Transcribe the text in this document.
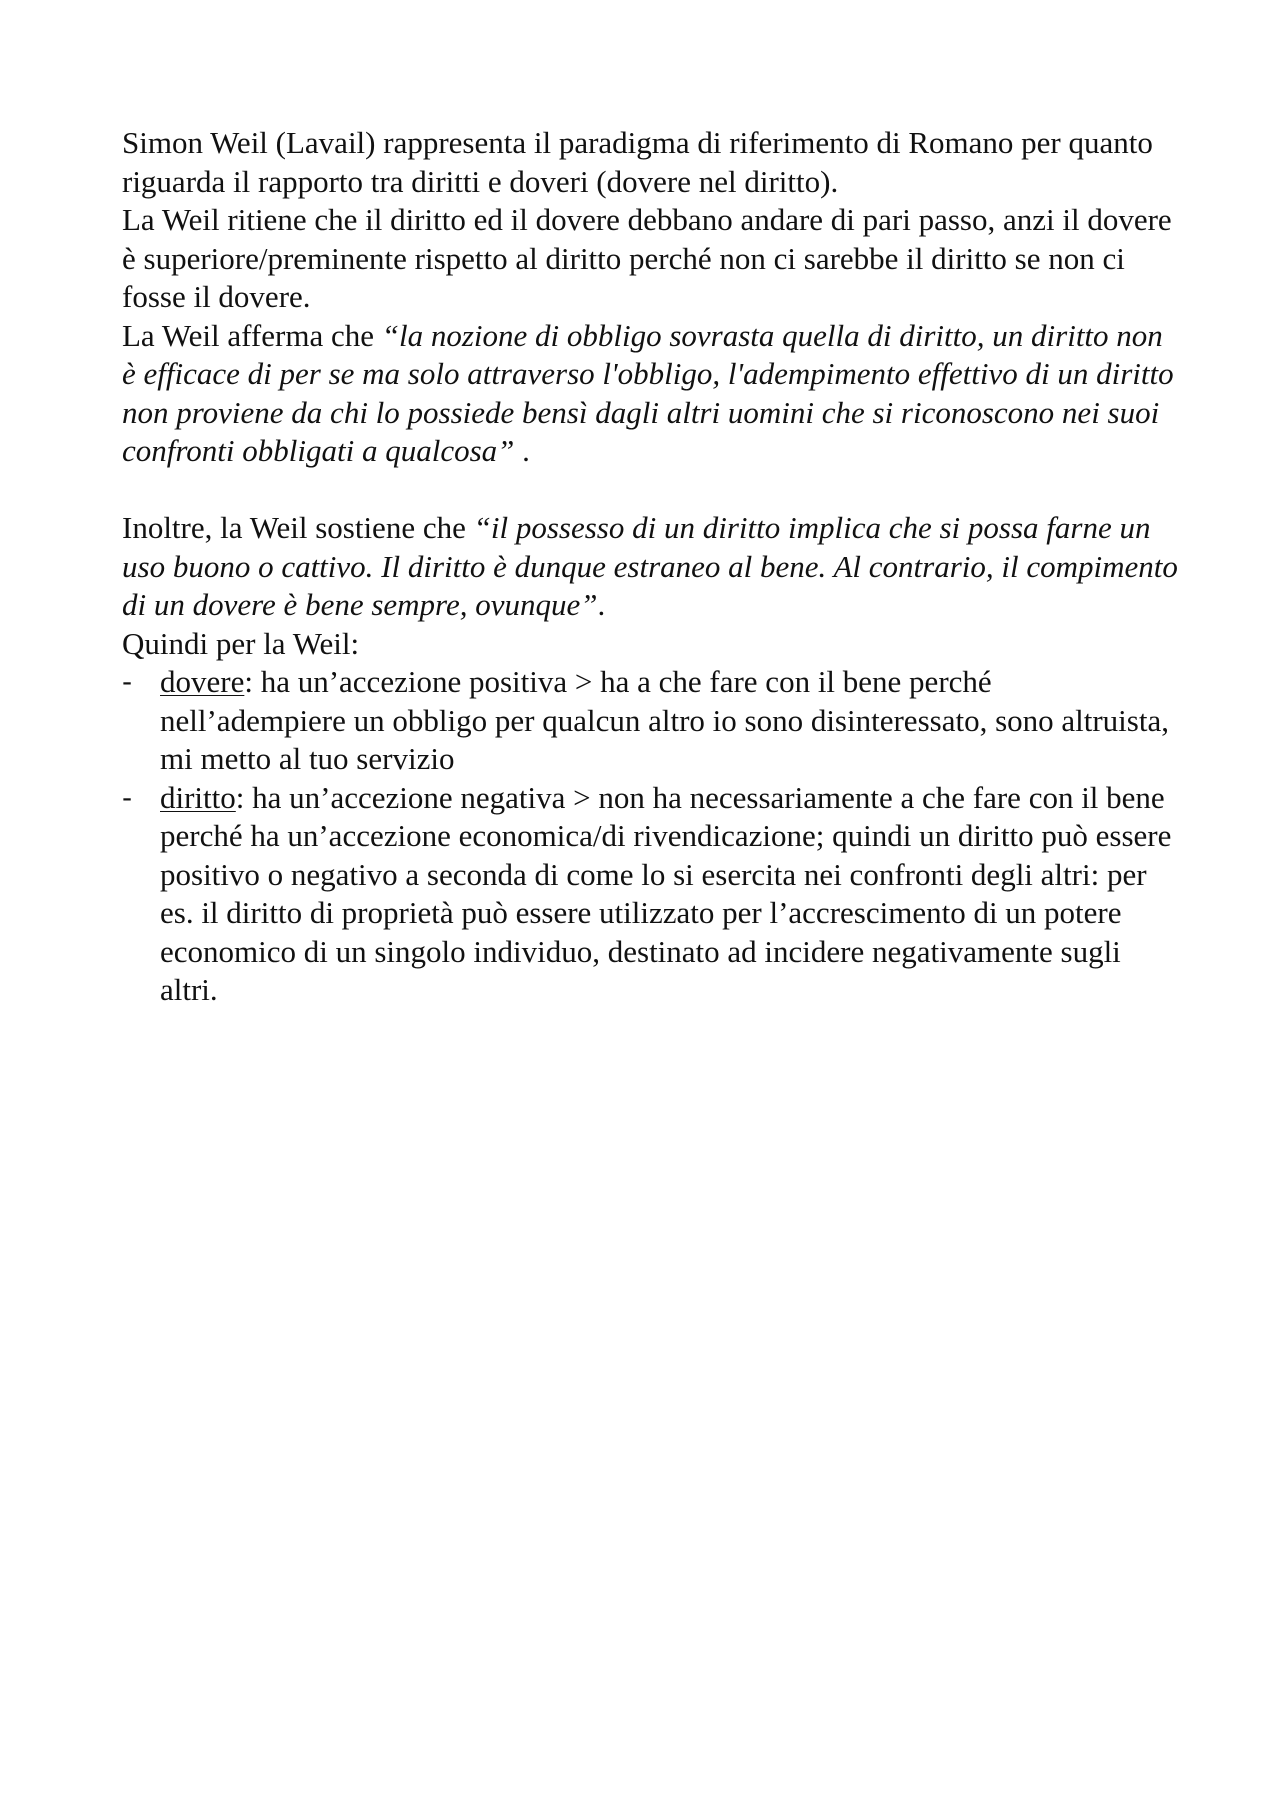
Simon Weil (Lavail) rappresenta il paradigma di riferimento di Romano per quanto riguarda il rapporto tra diritti e doveri (dovere nel diritto).

La Weil ritiene che il diritto ed il dovere debbano andare di pari passo, anzi il dovere è superiore/preminente rispetto al diritto perché non ci sarebbe il diritto se non ci fosse il dovere.

La Weil afferma che “la nozione di obbligo sovrasta quella di diritto, un diritto non è efficace di per se ma solo attraverso l'obbligo, l'adempimento effettivo di un diritto non proviene da chi lo possiede bensì dagli altri uomini che si riconoscono nei suoi confronti obbligati a qualcosa” .

Inoltre, la Weil sostiene che “il possesso di un diritto implica che si possa farne un uso buono o cattivo. Il diritto è dunque estraneo al bene. Al contrario, il compimento di un dovere è bene sempre, ovunque”.

Quindi per la Weil:

- dovere: ha un’accezione positiva > ha a che fare con il bene perché nell’adempiere un obbligo per qualcun altro io sono disinteressato, sono altruista, mi metto al tuo servizio
- diritto: ha un’accezione negativa > non ha necessariamente a che fare con il bene perché ha un’accezione economica/di rivendicazione; quindi un diritto può essere positivo o negativo a seconda di come lo si esercita nei confronti degli altri: per es. il diritto di proprietà può essere utilizzato per l’accrescimento di un potere economico di un singolo individuo, destinato ad incidere negativamente sugli altri.
